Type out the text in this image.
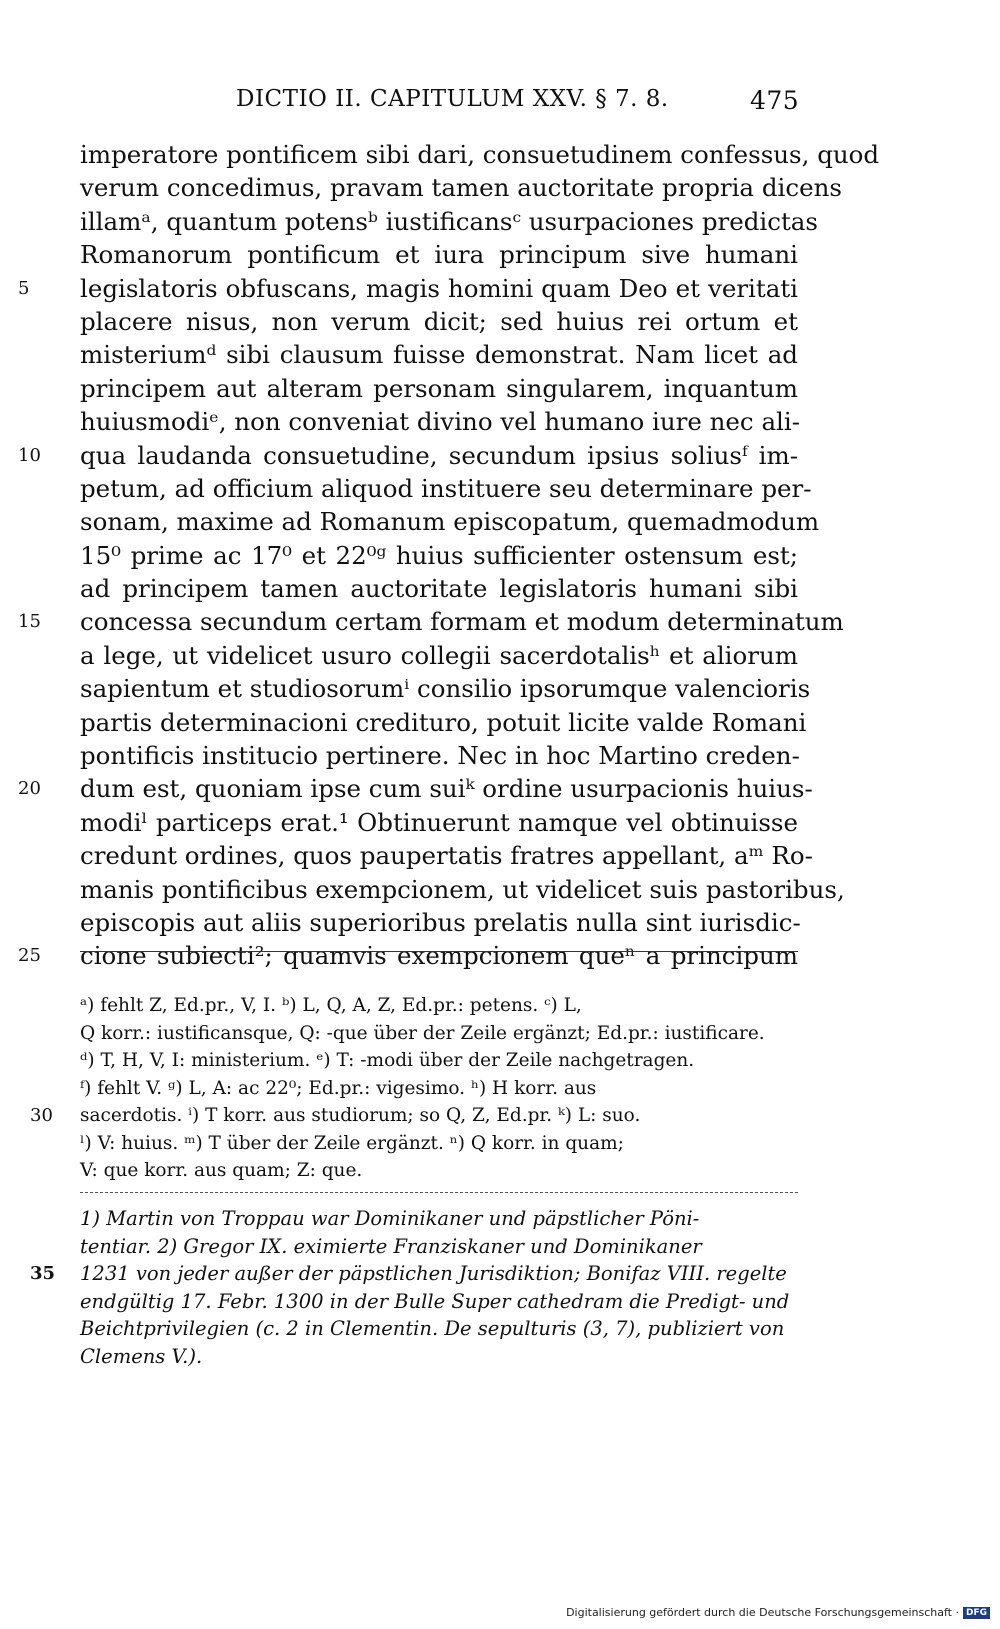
DICTIO II. CAPITULUM XXV. § 7. 8.	475
imperatore pontificem sibi dari, consuetudinem confessus, quod
verum concedimus, pravam tamen auctoritate propria dicens
illamᵃ, quantum potensᵇ iustificansᶜ usurpaciones predictas
Romanorum pontificum et iura principum sive humani
5	legislatoris obfuscans, magis homini quam Deo et veritati
placere nisus, non verum dicit; sed huius rei ortum et
misteriumᵈ sibi clausum fuisse demonstrat. Nam licet ad
principem aut alteram personam singularem, inquantum
huiusmodiᵉ, non conveniat divino vel humano iure nec ali-
10	qua laudanda consuetudine, secundum ipsius soliusᶠ im-
petum, ad officium aliquod instituere seu determinare per-
sonam, maxime ad Romanum episcopatum, quemadmodum
15⁰ prime ac 17⁰ et 22⁰ᵍ huius sufficienter ostensum est;
ad principem tamen auctoritate legislatoris humani sibi
15	concessa secundum certam formam et modum determinatum
a lege, ut videlicet usuro collegii sacerdotalisʰ et aliorum
sapientum et studiosorumⁱ consilio ipsorumque valencioris
partis determinacioni credituro, potuit licite valde Romani
pontificis institucio pertinere. Nec in hoc Martino creden-
20	dum est, quoniam ipse cum suiᵏ ordine usurpacionis huius-
modiˡ particeps erat.¹ Obtinuerunt namque vel obtinuisse
credunt ordines, quos paupertatis fratres appellant, aᵐ Ro-
manis pontificibus exempcionem, ut videlicet suis pastoribus,
episcopis aut aliis superioribus prelatis nulla sint iurisdic-
25	cione subiecti²; quamvis exempcionem queⁿ a principum
ᵃ) fehlt Z, Ed.pr., V, I. ᵇ) L, Q, A, Z, Ed.pr.: petens. ᶜ) L,
Q korr.: iustificansque, Q: -que über der Zeile ergänzt; Ed.pr.: iustificare.
ᵈ) T, H, V, I: ministerium. ᵉ) T: -modi über der Zeile nachgetragen.
ᶠ) fehlt V. ᵍ) L, A: ac 22⁰; Ed.pr.: vigesimo. ʰ) H korr. aus
30	sacerdotis. ⁱ) T korr. aus studiorum; so Q, Z, Ed.pr. ᵏ) L: suo.
ˡ) V: huius. ᵐ) T über der Zeile ergänzt. ⁿ) Q korr. in quam;
V: que korr. aus quam; Z: que.
1) Martin von Troppau war Dominikaner und päpstlicher Pöni-
tentiar. 2) Gregor IX. eximierte Franziskaner und Dominikaner
35 1231 von jeder außer der päpstlichen Jurisdiktion; Bonifaz VIII. regelte
endgültig 17. Febr. 1300 in der Bulle Super cathedram die Predigt- und
Beichtprivilegien (c. 2 in Clementin. De sepulturis (3, 7), publiziert von
Clemens V.).
Digitalisierung gefördert durch die Deutsche Forschungsgemeinschaft · DFG
